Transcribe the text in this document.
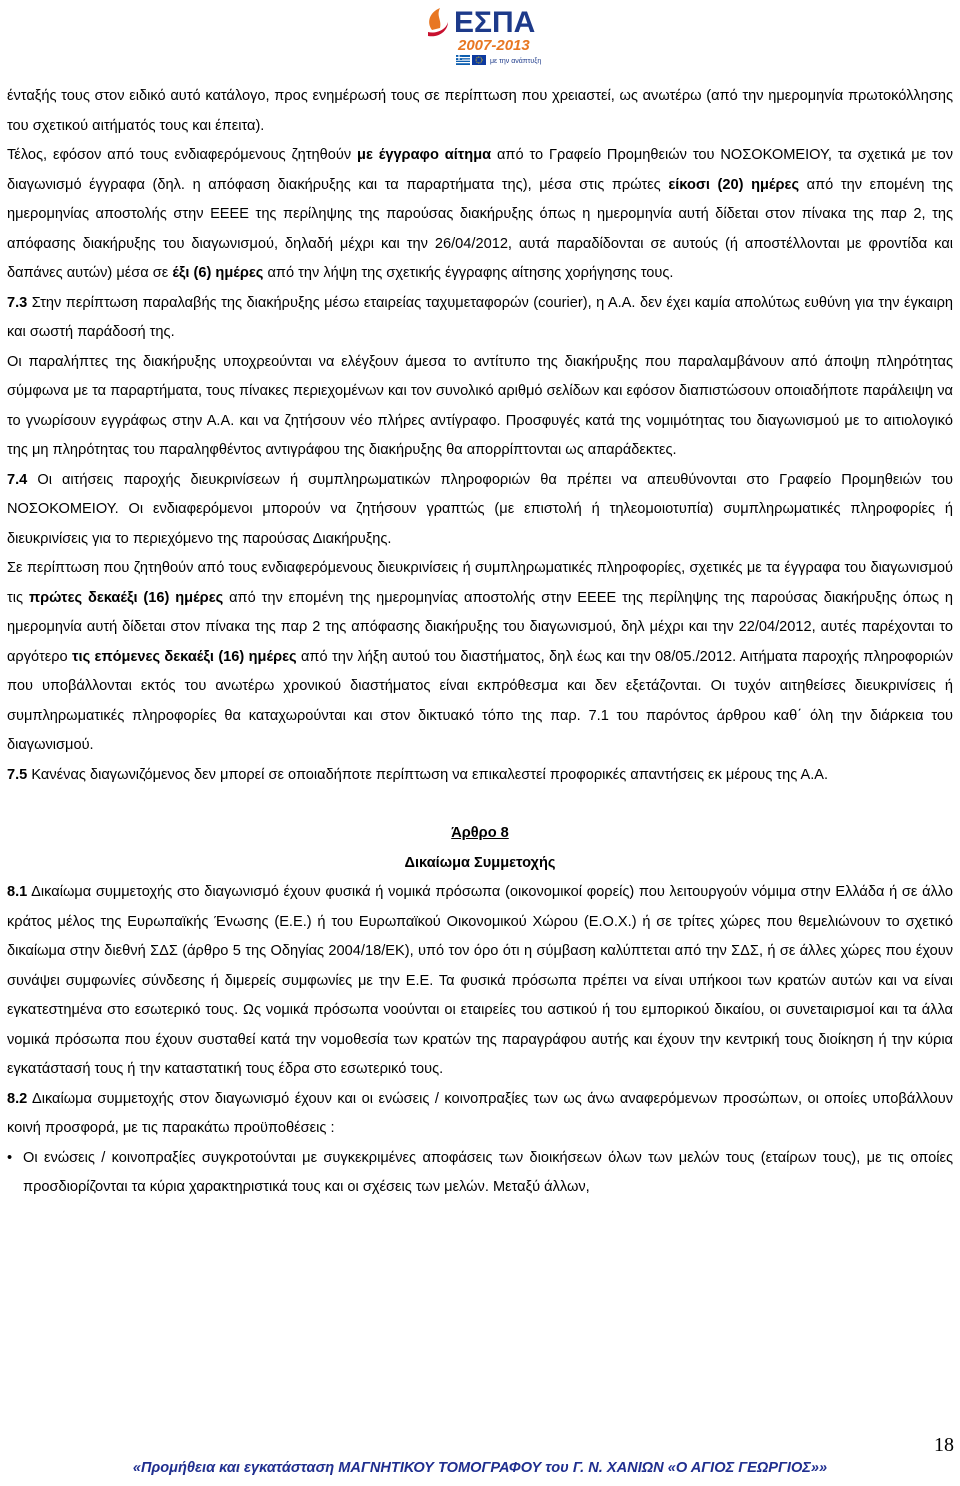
ΕΣΠΑ
2007-2013
με την ανάπτυξη

ένταξής τους στον ειδικό αυτό κατάλογο, προς ενημέρωσή τους σε περίπτωση που χρειαστεί, ως ανωτέρω (από την ημερομηνία πρωτοκόλλησης του σχετικού αιτήματός τους και έπειτα).

Τέλος, εφόσον από τους ενδιαφερόμενους ζητηθούν με έγγραφο αίτημα από το Γραφείο Προμηθειών του ΝΟΣΟΚΟΜΕΙΟΥ, τα σχετικά με τον διαγωνισμό έγγραφα (δηλ. η απόφαση διακήρυξης και τα παραρτήματα της), μέσα στις πρώτες είκοσι (20) ημέρες από την επομένη της ημερομηνίας αποστολής στην ΕΕΕΕ της περίληψης της παρούσας διακήρυξης όπως η ημερομηνία αυτή δίδεται στον πίνακα της παρ 2, της απόφασης διακήρυξης του διαγωνισμού, δηλαδή μέχρι και την 26/04/2012, αυτά παραδίδονται σε αυτούς (ή αποστέλλονται με φροντίδα και δαπάνες αυτών) μέσα σε έξι (6) ημέρες από την λήψη της σχετικής έγγραφης αίτησης χορήγησης τους.

7.3 Στην περίπτωση παραλαβής της διακήρυξης μέσω εταιρείας ταχυμεταφορών (courier), η Α.Α. δεν έχει καμία απολύτως ευθύνη για την έγκαιρη και σωστή παράδοσή της.

Οι παραλήπτες της διακήρυξης υποχρεούνται να ελέγξουν άμεσα το αντίτυπο της διακήρυξης που παραλαμβάνουν από άποψη πληρότητας σύμφωνα με τα παραρτήματα, τους πίνακες περιεχομένων και τον συνολικό αριθμό σελίδων και εφόσον διαπιστώσουν οποιαδήποτε παράλειψη να το γνωρίσουν εγγράφως στην Α.Α. και να ζητήσουν νέο πλήρες αντίγραφο. Προσφυγές κατά της νομιμότητας του διαγωνισμού με το αιτιολογικό της μη πληρότητας του παραληφθέντος αντιγράφου της διακήρυξης θα απορρίπτονται ως απαράδεκτες.

7.4 Οι αιτήσεις παροχής διευκρινίσεων ή συμπληρωματικών πληροφοριών θα πρέπει να απευθύνονται στο Γραφείο Προμηθειών του ΝΟΣΟΚΟΜΕΙΟΥ. Οι ενδιαφερόμενοι μπορούν να ζητήσουν γραπτώς (με επιστολή ή τηλεομοιοτυπία) συμπληρωματικές πληροφορίες ή διευκρινίσεις για το περιεχόμενο της παρούσας Διακήρυξης.

Σε περίπτωση που ζητηθούν από τους ενδιαφερόμενους διευκρινίσεις ή συμπληρωματικές πληροφορίες, σχετικές με τα έγγραφα του διαγωνισμού τις πρώτες δεκαέξι (16) ημέρες από την επομένη της ημερομηνίας αποστολής στην ΕΕΕΕ της περίληψης της παρούσας διακήρυξης όπως η ημερομηνία αυτή δίδεται στον πίνακα της παρ 2 της απόφασης διακήρυξης του διαγωνισμού, δηλ μέχρι και την 22/04/2012, αυτές παρέχονται το αργότερο τις επόμενες δεκαέξι (16) ημέρες από την λήξη αυτού του διαστήματος, δηλ έως και την 08/05./2012. Αιτήματα παροχής πληροφοριών που υποβάλλονται εκτός του ανωτέρω χρονικού διαστήματος είναι εκπρόθεσμα και δεν εξετάζονται. Οι τυχόν αιτηθείσες διευκρινίσεις ή συμπληρωματικές πληροφορίες θα καταχωρούνται και στον δικτυακό τόπο της παρ. 7.1 του παρόντος άρθρου καθ΄ όλη την διάρκεια του διαγωνισμού.

7.5 Κανένας διαγωνιζόμενος δεν μπορεί σε οποιαδήποτε περίπτωση να επικαλεστεί προφορικές απαντήσεις εκ μέρους της Α.Α.

Άρθρο 8

Δικαίωμα Συμμετοχής

8.1 Δικαίωμα συμμετοχής στο διαγωνισμό έχουν φυσικά ή νομικά πρόσωπα (οικονομικοί φορείς) που λειτουργούν νόμιμα στην Ελλάδα ή σε άλλο κράτος μέλος της Ευρωπαϊκής Ένωσης (Ε.Ε.) ή του Ευρωπαϊκού Οικονομικού Χώρου (Ε.Ο.Χ.) ή σε τρίτες χώρες που θεμελιώνουν το σχετικό δικαίωμα στην διεθνή ΣΔΣ (άρθρο 5 της Οδηγίας 2004/18/ΕΚ), υπό τον όρο ότι η σύμβαση καλύπτεται από την ΣΔΣ, ή σε άλλες χώρες που έχουν συνάψει συμφωνίες σύνδεσης ή διμερείς συμφωνίες με την Ε.Ε. Τα φυσικά πρόσωπα πρέπει να είναι υπήκοοι των κρατών αυτών και να είναι εγκατεστημένα στο εσωτερικό τους. Ως νομικά πρόσωπα νοούνται οι εταιρείες του αστικού ή του εμπορικού δικαίου, οι συνεταιρισμοί και τα άλλα νομικά πρόσωπα που έχουν συσταθεί κατά την νομοθεσία των κρατών της παραγράφου αυτής και έχουν την κεντρική τους διοίκηση ή την κύρια εγκατάστασή τους ή την καταστατική τους έδρα στο εσωτερικό τους.

8.2 Δικαίωμα συμμετοχής στον διαγωνισμό έχουν και οι ενώσεις / κοινοπραξίες των ως άνω αναφερόμενων προσώπων, οι οποίες υποβάλλουν κοινή προσφορά, με τις παρακάτω προϋποθέσεις :

• Οι ενώσεις / κοινοπραξίες συγκροτούνται με συγκεκριμένες αποφάσεις των διοικήσεων όλων των μελών τους (εταίρων τους), με τις οποίες προσδιορίζονται τα κύρια χαρακτηριστικά τους και οι σχέσεις των μελών. Μεταξύ άλλων,

18
«Προμήθεια και εγκατάσταση ΜΑΓΝΗΤΙΚΟΥ ΤΟΜΟΓΡΑΦΟΥ του Γ. Ν. ΧΑΝΙΩΝ «Ο ΑΓΙΟΣ ΓΕΩΡΓΙΟΣ»»
